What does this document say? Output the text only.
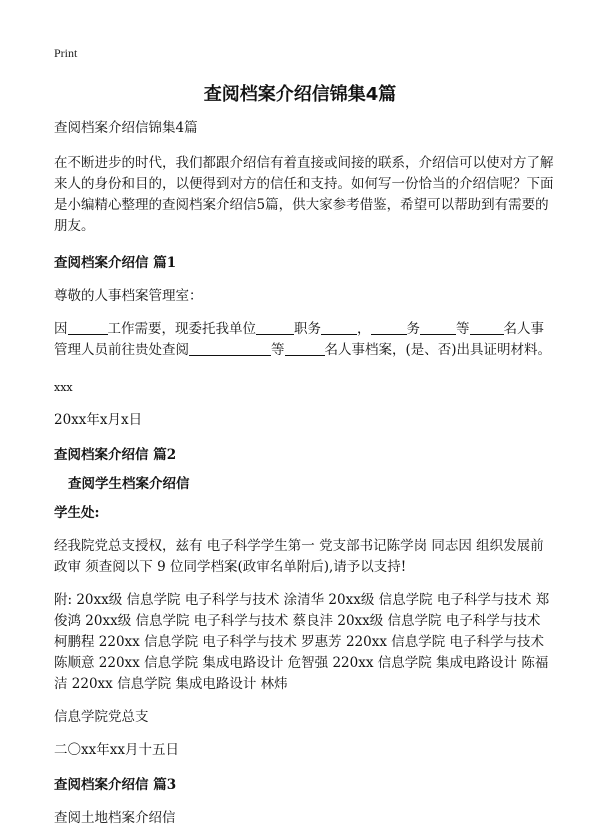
Print
查阅档案介绍信锦集4篇

查阅档案介绍信锦集4篇

在不断进步的时代，我们都跟介绍信有着直接或间接的联系，介绍信可以使对方了解来人的身份和目的，以便得到对方的信任和支持。如何写一份恰当的介绍信呢？下面是小编精心整理的查阅档案介绍信5篇，供大家参考借鉴，希望可以帮助到有需要的朋友。

查阅档案介绍信 篇1

尊敬的人事档案管理室：

因	工作需要，现委托我单位	职务	，	务	等	名人事管理人员前往贵处查阅	等	名人事档案，(是、否)出具证明材料。

xxx

20xx年x月x日

查阅档案介绍信 篇2

查阅学生档案介绍信

学生处:

经我院党总支授权，兹有 电子科学学生第一 党支部书记陈学岗 同志因 组织发展前 政审 须查阅以下 9 位同学档案(政审名单附后),请予以支持!

附: 20xx级 信息学院 电子科学与技术 涂清华 20xx级 信息学院 电子科学与技术 郑俊鸿 20xx级 信息学院 电子科学与技术 蔡良沣 20xx级 信息学院 电子科学与技术 柯鹏程 220xx 信息学院 电子科学与技术 罗惠芳 220xx 信息学院 电子科学与技术 陈顺意 220xx 信息学院 集成电路设计 危智强 220xx 信息学院 集成电路设计 陈福洁 220xx 信息学院 集成电路设计 林炜

信息学院党总支

二〇xx年xx月十五日

查阅档案介绍信 篇3

查阅土地档案介绍信
